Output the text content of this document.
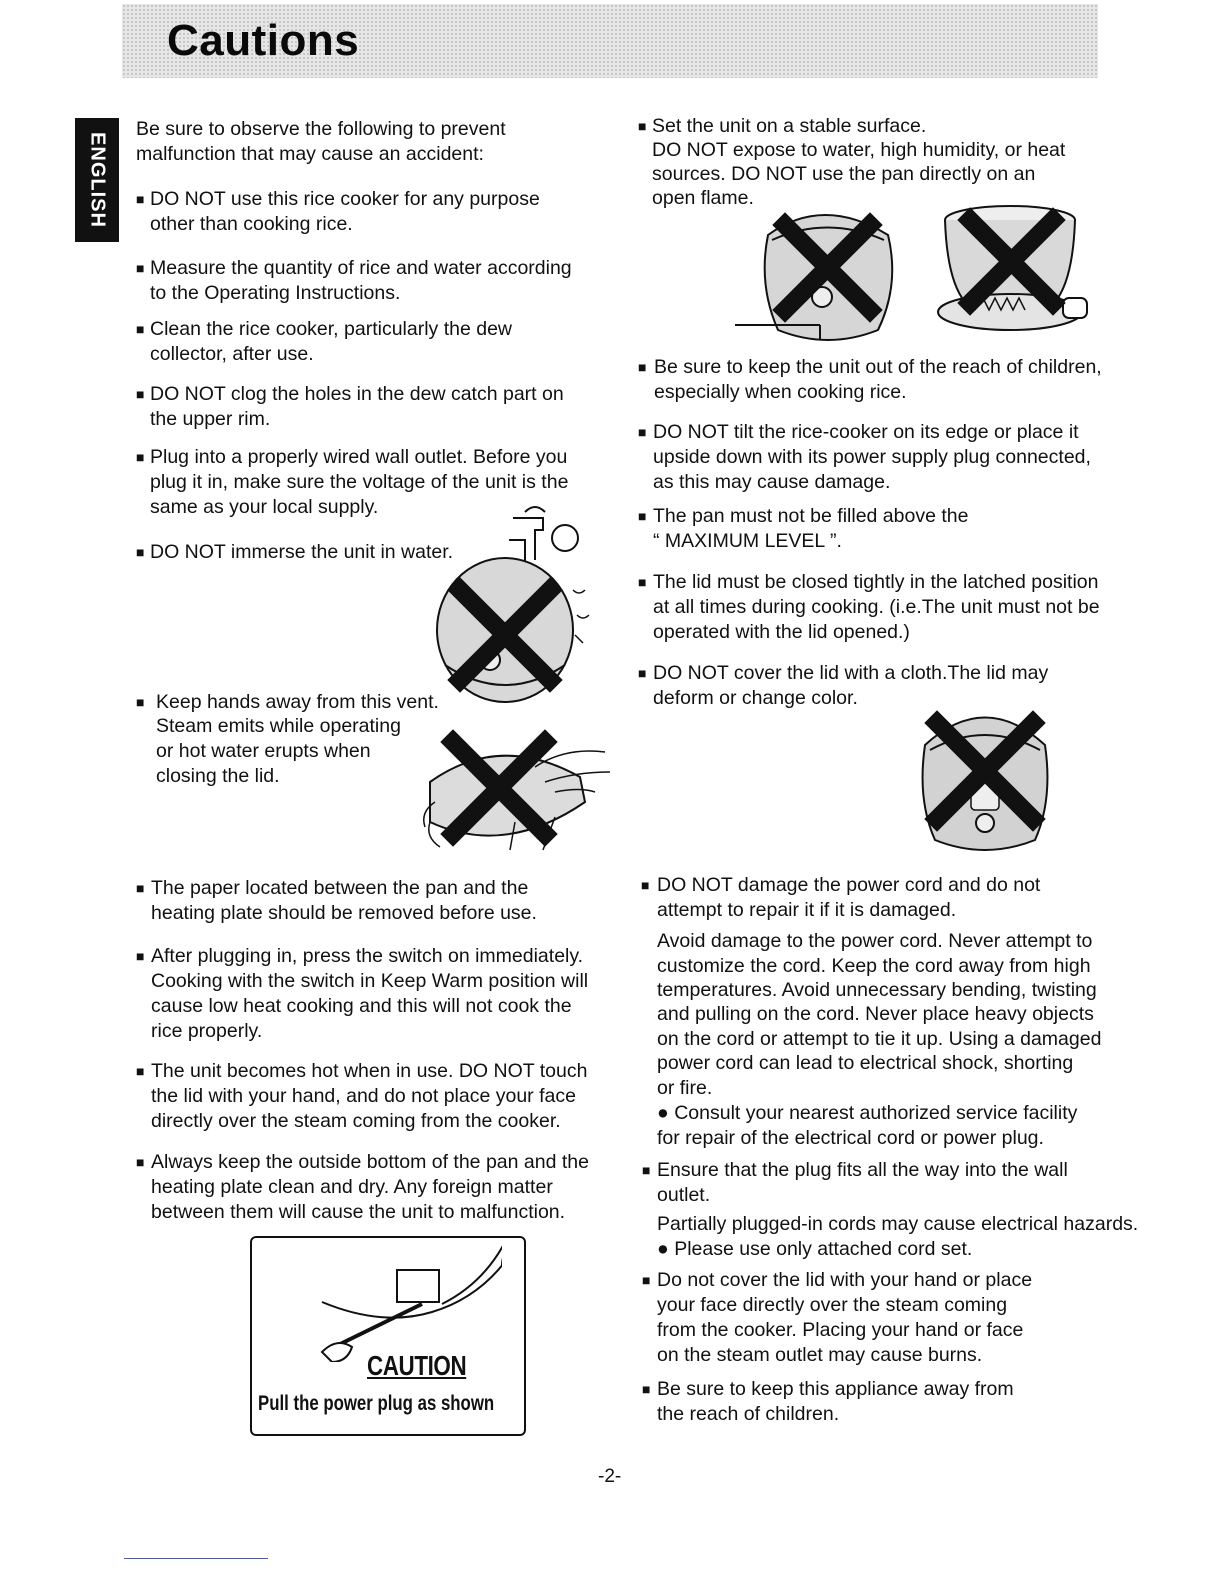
Cautions
ENGLISH
Be sure to observe the following to prevent
malfunction that may cause an accident:
■ DO NOT use this rice cooker for any purpose
other than cooking rice.
■ Measure the quantity of rice and water according
to the Operating Instructions.
■ Clean the rice cooker, particularly the dew
collector, after use.
■ DO NOT clog the holes in the dew catch part on
the upper rim.
■ Plug into a properly wired wall outlet. Before you
plug it in, make sure the voltage of the unit is the
same as your local supply.
■ DO NOT immerse the unit in water.
■ Keep hands away from this vent.
Steam emits while operating
or hot water erupts when
closing the lid.
■ The paper located between the pan and the
heating plate should be removed before use.
■ After plugging in, press the switch on immediately.
Cooking with the switch in Keep Warm position will
cause low heat cooking and this will not cook the
rice properly.
■ The unit becomes hot when in use. DO NOT touch
the lid with your hand, and do not place your face
directly over the steam coming from the cooker.
■ Always keep the outside bottom of the pan and the
heating plate clean and dry. Any foreign matter
between them will cause the unit to malfunction.
CAUTION
Pull the power plug as shown
■ Set the unit on a stable surface.
DO NOT expose to water, high humidity, or heat
sources. DO NOT use the pan directly on an
open flame.
■ Be sure to keep the unit out of the reach of children,
especially when cooking rice.
■ DO NOT tilt the rice-cooker on its edge or place it
upside down with its power supply plug connected,
as this may cause damage.
■ The pan must not be filled above the
“ MAXIMUM LEVEL ”.
■ The lid must be closed tightly in the latched position
at all times during cooking. (i.e.The unit must not be
operated with the lid opened.)
■ DO NOT cover the lid with a cloth.The lid may
deform or change color.
■ DO NOT damage the power cord and do not
attempt to repair it if it is damaged.
Avoid damage to the power cord. Never attempt to
customize the cord. Keep the cord away from high
temperatures. Avoid unnecessary bending, twisting
and pulling on the cord. Never place heavy objects
on the cord or attempt to tie it up. Using a damaged
power cord can lead to electrical shock, shorting
or fire.
● Consult your nearest authorized service facility
for repair of the electrical cord or power plug.
■ Ensure that the plug fits all the way into the wall
outlet.
Partially plugged-in cords may cause electrical hazards.
● Please use only attached cord set.
■ Do not cover the lid with your hand or place
your face directly over the steam coming
from the cooker. Placing your hand or face
on the steam outlet may cause burns.
■ Be sure to keep this appliance away from
the reach of children.
-2-
